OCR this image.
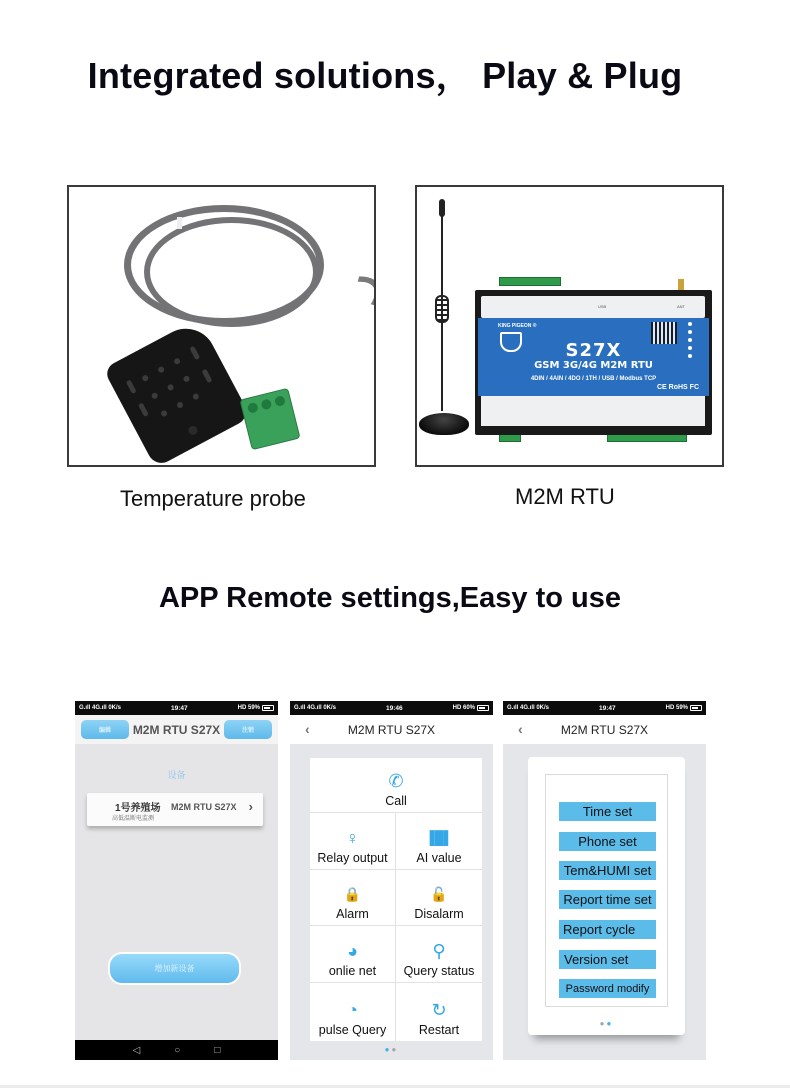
Integrated solutions， Play & Plug
APP Remote settings,Easy to use
Temperature probe
USB	ANT
KING PIGEON ®
S27X
GSM 3G/4G M2M RTU
4DIN / 4AIN / 4DO / 1TH / USB / Modbus TCP
CE RoHS FC
M2M RTU
G.ıll 4G.ıll 0K/s	19:47	HD 59%
编辑	M2M RTU S27X	注销
设备
1号养殖场
高低温断电监测
M2M RTU S27X ›
增加新设备
◁	○	□
G.ıll 4G.ıll 0K/s	19:46	HD 60%
‹	M2M RTU S27X
✆
Call
♀
Relay output
▐█▌
AI value
🔒
Alarm
🔓
Disalarm
◕
onlie net
⚲
Query status
◔
pulse Query
↻
Restart
●●
G.ıll 4G.ıll 0K/s	19:47	HD 59%
‹	M2M RTU S27X
Time set
Phone set
Tem&HUMI set
Report time set
Report cycle
Version set
Password modify
●●
